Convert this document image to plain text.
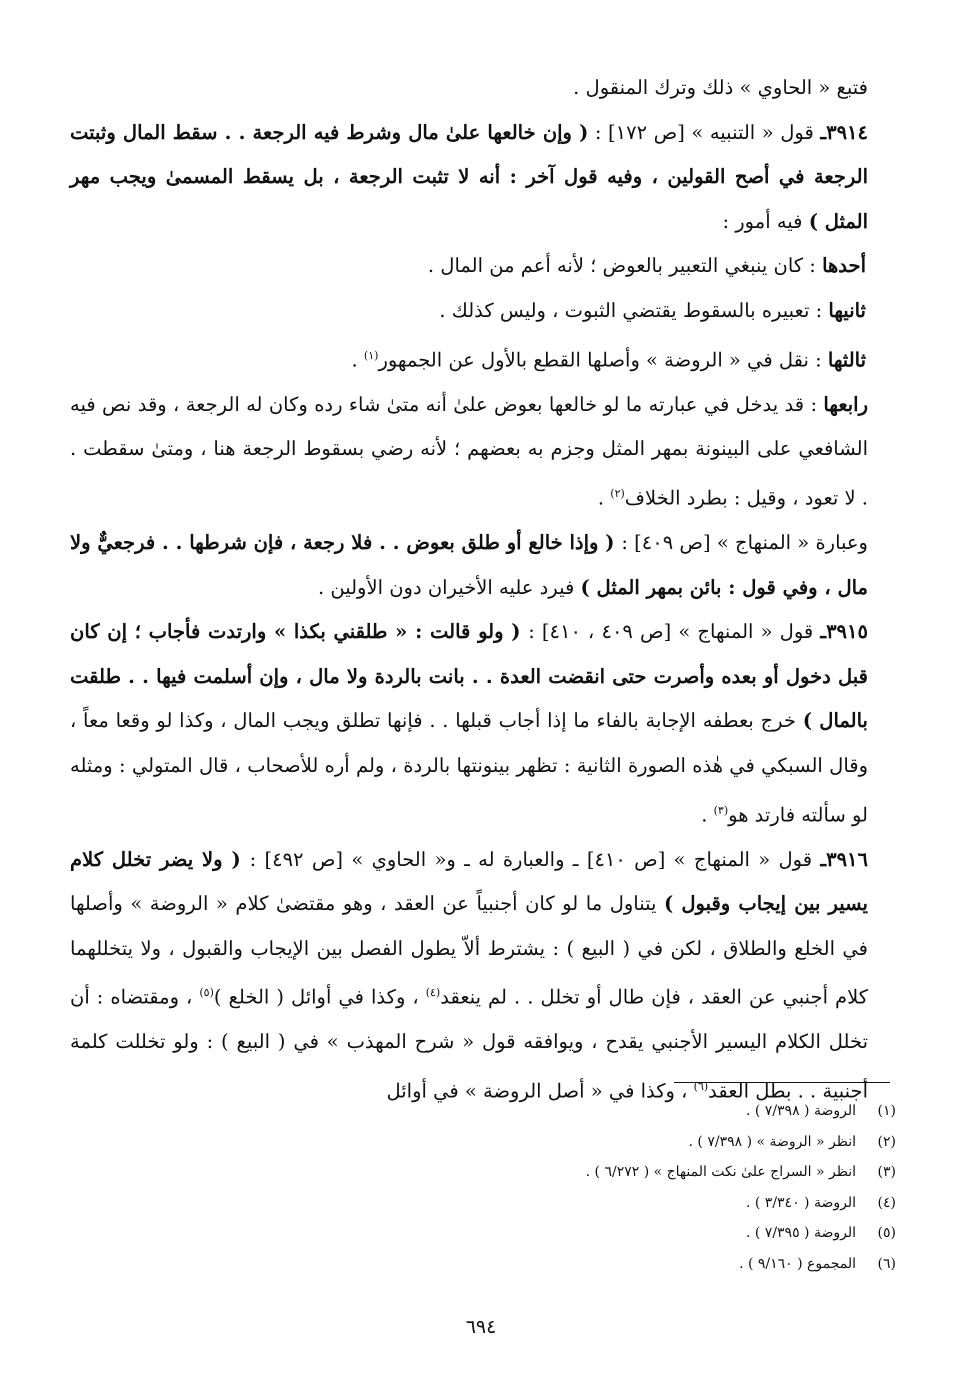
فتبع « الحاوي » ذلك وترك المنقول .

٣٩١٤ـ قول « التنبيه » [ص ١٧٢] : ( وإن خالعها علىٰ مال وشرط فيه الرجعة . . سقط المال وثبتت الرجعة في أصح القولين ، وفيه قول آخر : أنه لا تثبت الرجعة ، بل يسقط المسمىٰ ويجب مهر المثل ) فيه أمور :

أحدها : كان ينبغي التعبير بالعوض ؛ لأنه أعم من المال .

ثانيها : تعبيره بالسقوط يقتضي الثبوت ، وليس كذلك .

ثالثها : نقل في « الروضة » وأصلها القطع بالأول عن الجمهور$^{(١)}$ .

رابعها : قد يدخل في عبارته ما لو خالعها بعوض علىٰ أنه متىٰ شاء رده وكان له الرجعة ، وقد نص فيه الشافعي على البينونة بمهر المثل وجزم به بعضهم ؛ لأنه رضي بسقوط الرجعة هنا ، ومتىٰ سقطت . . لا تعود ، وقيل : بطرد الخلاف$^{(٢)}$ .

وعبارة « المنهاج » [ص ٤٠٩] : ( وإذا خالع أو طلق بعوض . . فلا رجعة ، فإن شرطها . . فرجعيٌّ ولا مال ، وفي قول : بائن بمهر المثل ) فيرد عليه الأخيران دون الأولين .

٣٩١٥ـ قول « المنهاج » [ص ٤٠٩ ، ٤١٠] : ( ولو قالت : « طلقني بكذا » وارتدت فأجاب ؛ إن كان قبل دخول أو بعده وأصرت حتى انقضت العدة . . بانت بالردة ولا مال ، وإن أسلمت فيها . . طلقت بالمال ) خرج بعطفه الإجابة بالفاء ما إذا أجاب قبلها . . فإنها تطلق ويجب المال ، وكذا لو وقعا معاً ، وقال السبكي في هٰذه الصورة الثانية : تظهر بينونتها بالردة ، ولم أره للأصحاب ، قال المتولي : ومثله لو سألته فارتد هو$^{(٣)}$ .

٣٩١٦ـ قول « المنهاج » [ص ٤١٠] ـ والعبارة له ـ و« الحاوي » [ص ٤٩٢] : ( ولا يضر تخلل كلام يسير بين إيجاب وقبول ) يتناول ما لو كان أجنبياً عن العقد ، وهو مقتضىٰ كلام « الروضة » وأصلها في الخلع والطلاق ، لكن في ( البيع ) : يشترط ألاّ يطول الفصل بين الإيجاب والقبول ، ولا يتخللهما كلام أجنبي عن العقد ، فإن طال أو تخلل . . لم ينعقد$^{(٤)}$ ، وكذا في أوائل ( الخلع )$^{(٥)}$ ، ومقتضاه : أن تخلل الكلام اليسير الأجنبي يقدح ، ويوافقه قول « شرح المهذب » في ( البيع ) : ولو تخللت كلمة أجنبية . . بطل العقد$^{(٦)}$ ، وكذا في « أصل الروضة » في أوائل

(١)الروضة ( ٧/٣٩٨ ) .
(٢)انظر « الروضة » ( ٧/٣٩٨ ) .
(٣)انظر « السراج علىٰ نكت المنهاج » ( ٦/٢٧٢ ) .
(٤)الروضة ( ٣/٣٤٠ ) .
(٥)الروضة ( ٧/٣٩٥ ) .
(٦)المجموع ( ٩/١٦٠ ) .
٦٩٤
